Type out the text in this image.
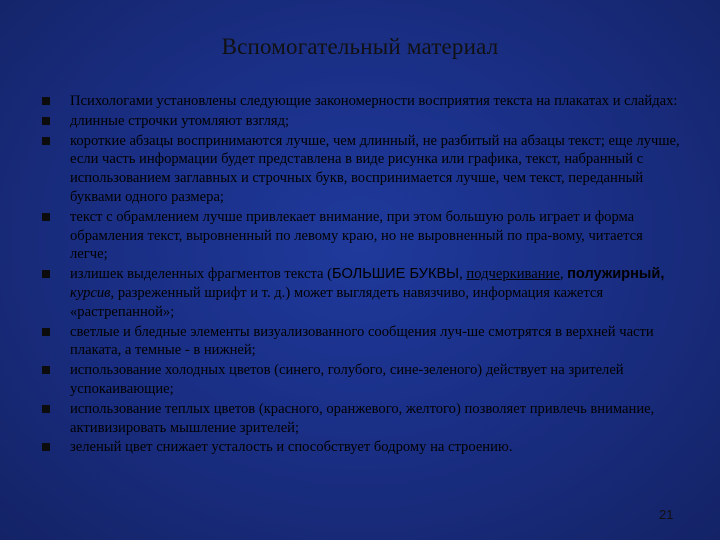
Вспомогательный материал
Психологами установлены следующие закономерности восприятия текста на плакатах и слайдах:
длинные строчки утомляют взгляд;
короткие абзацы воспринимаются лучше, чем длинный, не разбитый на абзацы текст; еще лучше, если часть информации будет представлена в виде рисунка или графика, текст, набранный с использованием заглавных и строчных букв, воспринимается лучше, чем текст, переданный буквами одного размера;
текст с обрамлением лучше привлекает внимание, при этом большую роль играет и форма обрамления текст, выровненный по левому краю, но не выровненный по пра-вому, читается легче;
излишек выделенных фрагментов текста (БОЛЬШИЕ БУКВЫ, подчеркивание, полужирный, курсив, разреженный шрифт и т. д.) может выглядеть навязчиво, информация кажется «растрепанной»;
светлые и бледные элементы визуализованного сообщения луч-ше смотрятся в верхней части плаката, а темные - в нижней;
использование холодных цветов (синего, голубого, сине-зеленого) действует на зрителей успокаивающие;
использование теплых цветов (красного, оранжевого, желтого) позволяет привлечь внимание, активизировать мышление зрителей;
зеленый цвет снижает усталость и способствует бодрому на строению.
21
